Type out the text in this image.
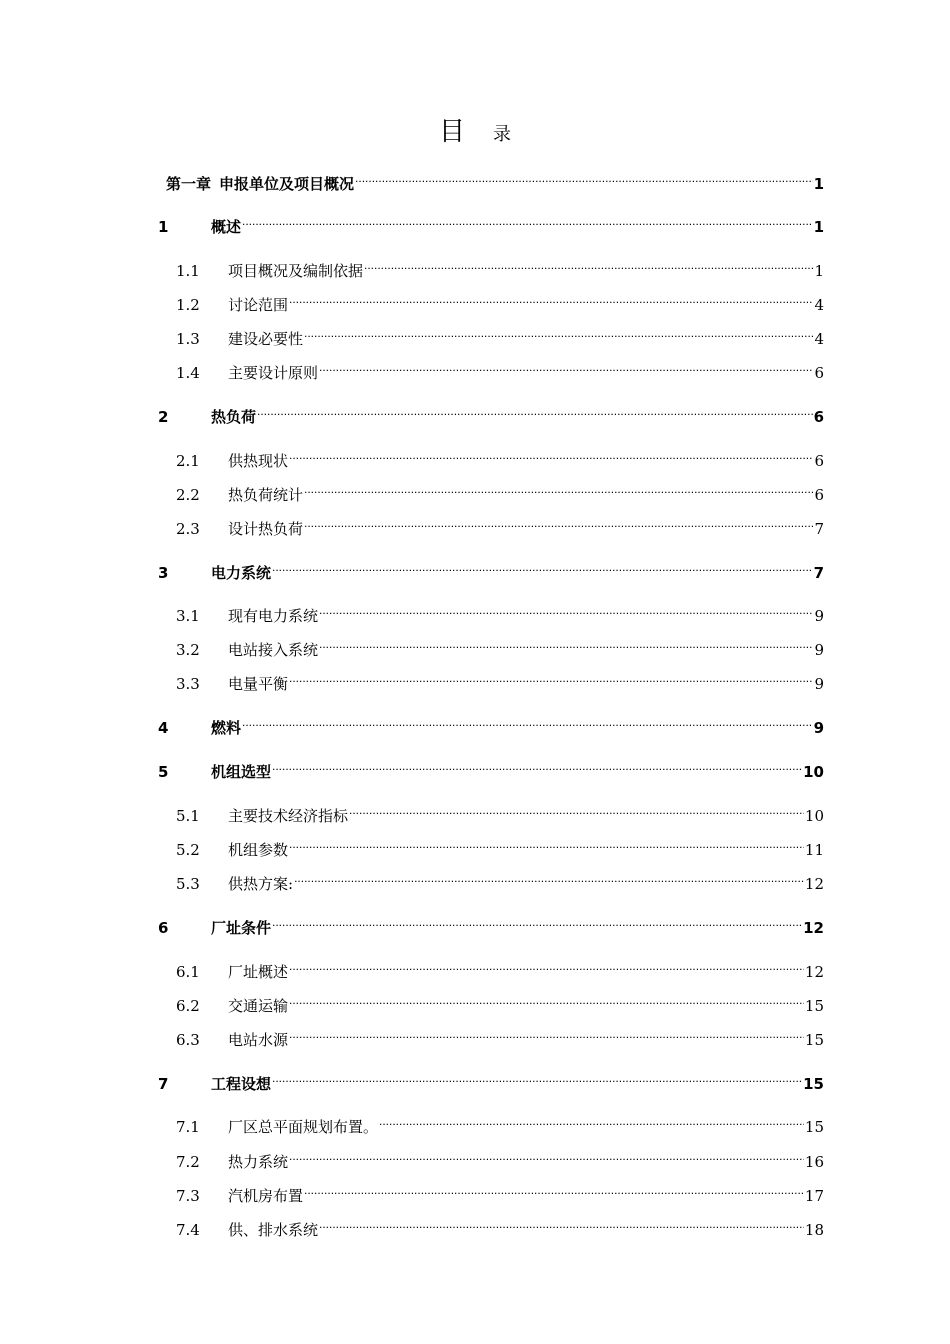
目 录
第一章 申报单位及项目概况 .....	1
1	概述 .....	1
1.1	项目概况及编制依据 .....	1
1.2	讨论范围 .....	4
1.3	建设必要性 .....	4
1.4	主要设计原则 .....	6
2	热负荷 .....	6
2.1	供热现状 .....	6
2.2	热负荷统计 .....	6
2.3	设计热负荷 .....	7
3	电力系统 .....	7
3.1	现有电力系统 .....	9
3.2	电站接入系统 .....	9
3.3	电量平衡 .....	9
4	燃料 .....	9
5	机组选型 .....	10
5.1	主要技术经济指标 .....	10
5.2	机组参数 .....	11
5.3	供热方案: .....	12
6	厂址条件 .....	12
6.1	厂址概述 .....	12
6.2	交通运输 .....	15
6.3	电站水源 .....	15
7	工程设想 .....	15
7.1	厂区总平面规划布置。 .....	15
7.2	热力系统 .....	16
7.3	汽机房布置 .....	17
7.4	供、排水系统 .....	18
